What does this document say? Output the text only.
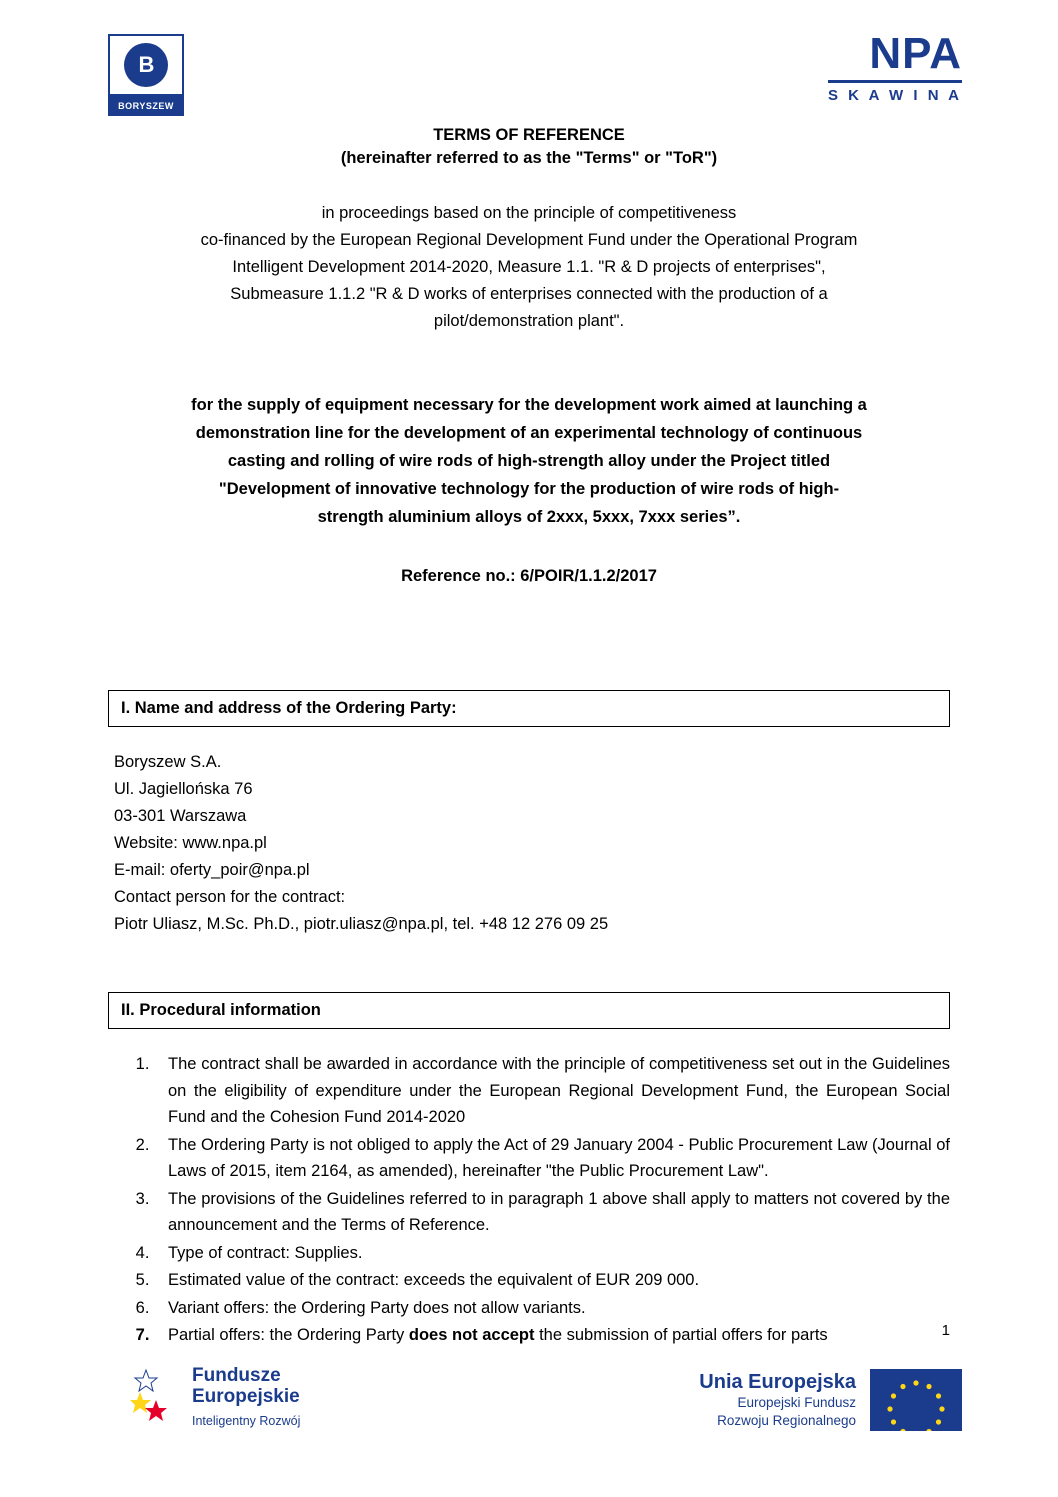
B
BORYSZEW
NPA
S K A W I N A
TERMS OF REFERENCE
(hereinafter referred to as the "Terms" or "ToR")
in proceedings based on the principle of competitiveness
co-financed by the European Regional Development Fund under the Operational Program
Intelligent Development 2014-2020, Measure 1.1. "R & D projects of enterprises",
Submeasure 1.1.2 "R & D works of enterprises connected with the production of a
pilot/demonstration plant".
for the supply of equipment necessary for the development work aimed at launching a
demonstration line for the development of an experimental technology of continuous
casting and rolling of wire rods of high-strength alloy under the Project titled
"Development of innovative technology for the production of wire rods of high-
strength aluminium alloys of 2xxx, 5xxx, 7xxx series”.
Reference no.: 6/POIR/1.1.2/2017
I. Name and address of the Ordering Party:
Boryszew S.A.
Ul. Jagiellońska 76
03-301 Warszawa
Website: www.npa.pl
E-mail: oferty_poir@npa.pl
Contact person for the contract:
Piotr Uliasz, M.Sc. Ph.D., piotr.uliasz@npa.pl, tel. +48 12 276 09 25
II. Procedural information
1. The contract shall be awarded in accordance with the principle of competitiveness set out in the Guidelines on the eligibility of expenditure under the European Regional Development Fund, the European Social Fund and the Cohesion Fund 2014-2020
2. The Ordering Party is not obliged to apply the Act of 29 January 2004 - Public Procurement Law (Journal of Laws of 2015, item 2164, as amended), hereinafter "the Public Procurement Law".
3. The provisions of the Guidelines referred to in paragraph 1 above shall apply to matters not covered by the announcement and the Terms of Reference.
4. Type of contract: Supplies.
5. Estimated value of the contract: exceeds the equivalent of EUR 209 000.
6. Variant offers: the Ordering Party does not allow variants.
7. Partial offers: the Ordering Party does not accept the submission of partial offers for parts	1
Fundusze
Europejskie
Inteligentny Rozwój
Unia Europejska
Europejski Fundusz
Rozwoju Regionalnego
